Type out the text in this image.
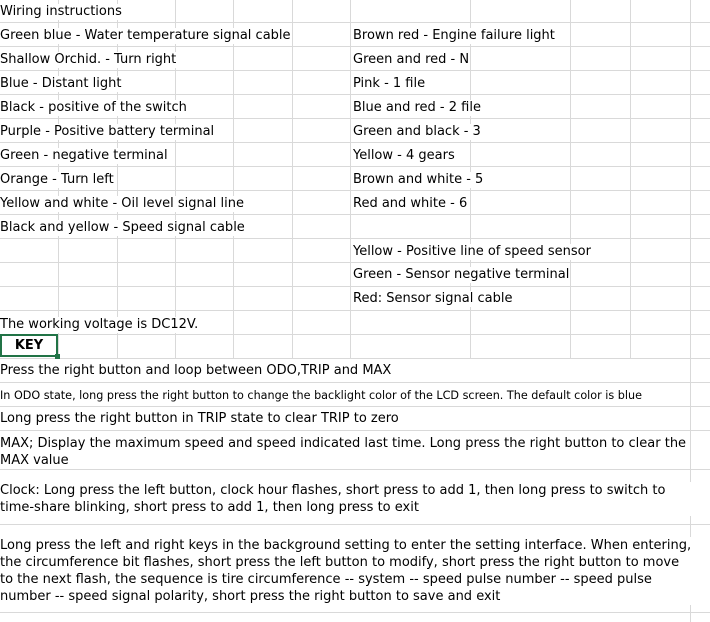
Wiring instructions
Green blue - Water temperature signal cable
Shallow Orchid. - Turn right
Blue - Distant light
Black - positive of the switch
Purple - Positive battery terminal
Green - negative terminal
Orange - Turn left
Yellow and white - Oil level signal line
Black and yellow - Speed signal cable
Brown red - Engine failure light
Green and red - N
Pink - 1 file
Blue and red - 2 file
Green and black - 3
Yellow - 4 gears
Brown and white - 5
Red and white - 6
Yellow - Positive line of speed sensor
Green - Sensor negative terminal
Red: Sensor signal cable
The working voltage is DC12V.
KEY
Press the right button and loop between ODO,TRIP and MAX
In ODO state, long press the right button to change the backlight color of the LCD screen. The default color is blue
Long press the right button in TRIP state to clear TRIP to zero
MAX; Display the maximum speed and speed indicated last time. Long press the right button to clear the MAX value
Clock: Long press the left button, clock hour flashes, short press to add 1, then long press to switch to time-share blinking, short press to add 1, then long press to exit
Long press the left and right keys in the background setting to enter the setting interface. When entering, the circumference bit flashes, short press the left button to modify, short press the right button to move to the next flash, the sequence is tire circumference -- system -- speed pulse number -- speed pulse number -- speed signal polarity, short press the right button to save and exit
